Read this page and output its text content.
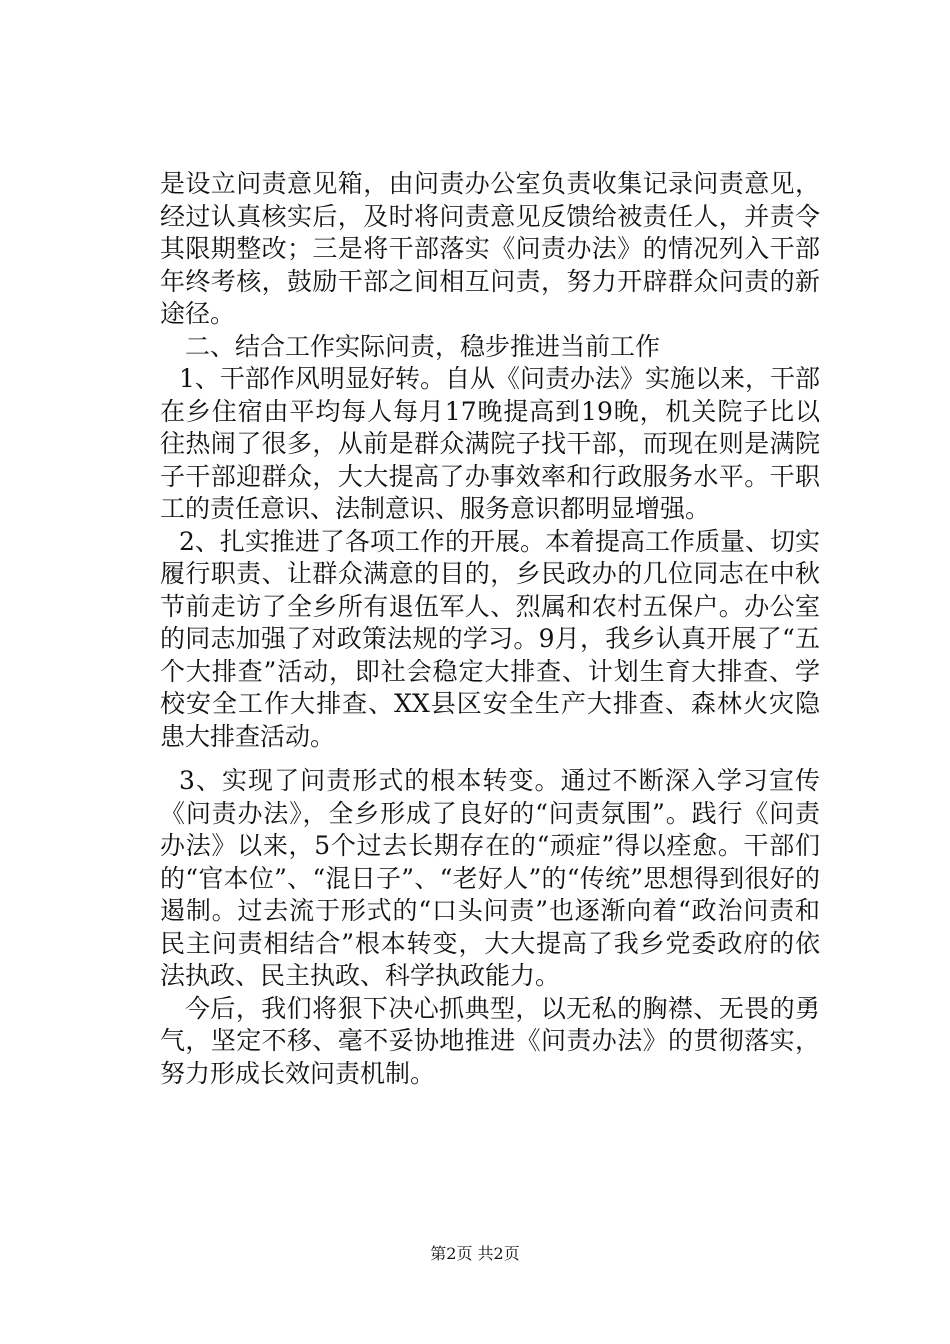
是设立问责意见箱，由问责办公室负责收集记录问责意见，经过认真核实后，及时将问责意见反馈给被责任人，并责令其限期整改；三是将干部落实《问责办法》的情况列入干部年终考核，鼓励干部之间相互问责，努力开辟群众问责的新途径。

二、结合工作实际问责，稳步推进当前工作

1、干部作风明显好转。自从《问责办法》实施以来，干部在乡住宿由平均每人每月17晚提高到19晚，机关院子比以往热闹了很多，从前是群众满院子找干部，而现在则是满院子干部迎群众，大大提高了办事效率和行政服务水平。干职工的责任意识、法制意识、服务意识都明显增强。

2、扎实推进了各项工作的开展。本着提高工作质量、切实履行职责、让群众满意的目的，乡民政办的几位同志在中秋节前走访了全乡所有退伍军人、烈属和农村五保户。办公室的同志加强了对政策法规的学习。9月，我乡认真开展了“五个大排查”活动，即社会稳定大排查、计划生育大排查、学校安全工作大排查、XX县区安全生产大排查、森林火灾隐患大排查活动。

3、实现了问责形式的根本转变。通过不断深入学习宣传《问责办法》，全乡形成了良好的“问责氛围”。践行《问责办法》以来，5个过去长期存在的“顽症”得以痊愈。干部们的“官本位”、“混日子”、“老好人”的“传统”思想得到很好的遏制。过去流于形式的“口头问责”也逐渐向着“政治问责和民主问责相结合”根本转变，大大提高了我乡党委政府的依法执政、民主执政、科学执政能力。

今后，我们将狠下决心抓典型，以无私的胸襟、无畏的勇气，坚定不移、毫不妥协地推进《问责办法》的贯彻落实，努力形成长效问责机制。

第2页 共2页
